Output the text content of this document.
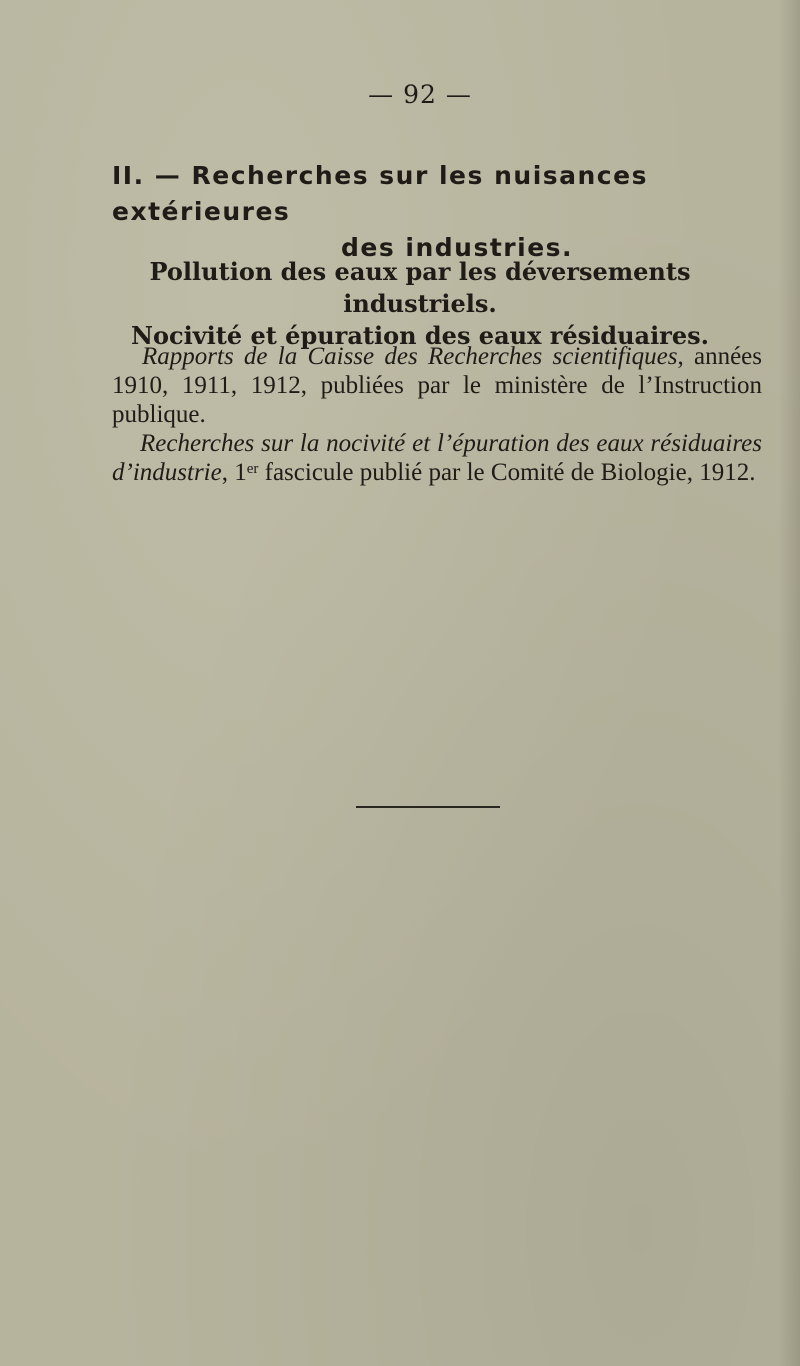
— 92 —
II. — Recherches sur les nuisances extérieures
des industries.
Pollution des eaux par les déversements industriels.
Nocivité et épuration des eaux résiduaires.

Rapports de la Caisse des Recherches scientifiques, années 1910, 1911, 1912, publiées par le ministère de l’Instruction publique.

Recherches sur la nocivité et l’épuration des eaux résiduaires d’industrie, 1er fascicule publié par le Comité de Biologie, 1912.
